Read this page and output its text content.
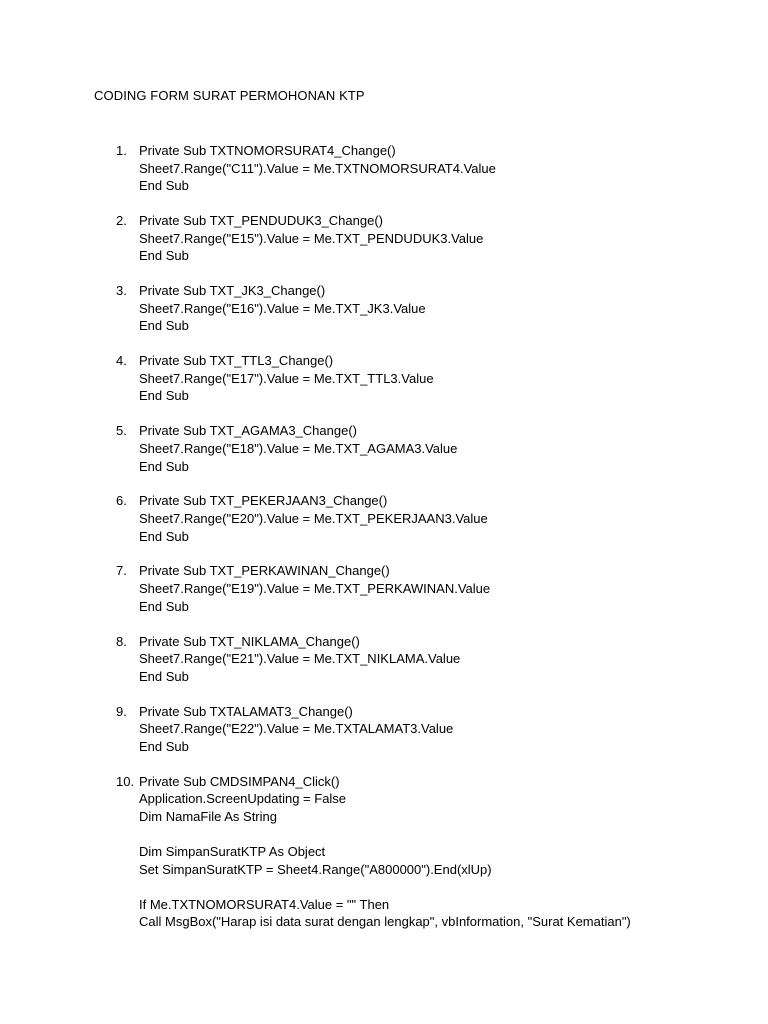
CODING FORM SURAT PERMOHONAN KTP
1. Private Sub TXTNOMORSURAT4_Change()
Sheet7.Range("C11").Value = Me.TXTNOMORSURAT4.Value
End Sub
2. Private Sub TXT_PENDUDUK3_Change()
Sheet7.Range("E15").Value = Me.TXT_PENDUDUK3.Value
End Sub
3. Private Sub TXT_JK3_Change()
Sheet7.Range("E16").Value = Me.TXT_JK3.Value
End Sub
4. Private Sub TXT_TTL3_Change()
Sheet7.Range("E17").Value = Me.TXT_TTL3.Value
End Sub
5. Private Sub TXT_AGAMA3_Change()
Sheet7.Range("E18").Value = Me.TXT_AGAMA3.Value
End Sub
6. Private Sub TXT_PEKERJAAN3_Change()
Sheet7.Range("E20").Value = Me.TXT_PEKERJAAN3.Value
End Sub
7. Private Sub TXT_PERKAWINAN_Change()
Sheet7.Range("E19").Value = Me.TXT_PERKAWINAN.Value
End Sub
8. Private Sub TXT_NIKLAMA_Change()
Sheet7.Range("E21").Value = Me.TXT_NIKLAMA.Value
End Sub
9. Private Sub TXTALAMAT3_Change()
Sheet7.Range("E22").Value = Me.TXTALAMAT3.Value
End Sub
10. Private Sub CMDSIMPAN4_Click()
Application.ScreenUpdating = False
Dim NamaFile As String
Dim SimpanSuratKTP As Object
Set SimpanSuratKTP = Sheet4.Range("A800000").End(xlUp)
If Me.TXTNOMORSURAT4.Value = "" Then
Call MsgBox("Harap isi data surat dengan lengkap", vbInformation, "Surat Kematian")
